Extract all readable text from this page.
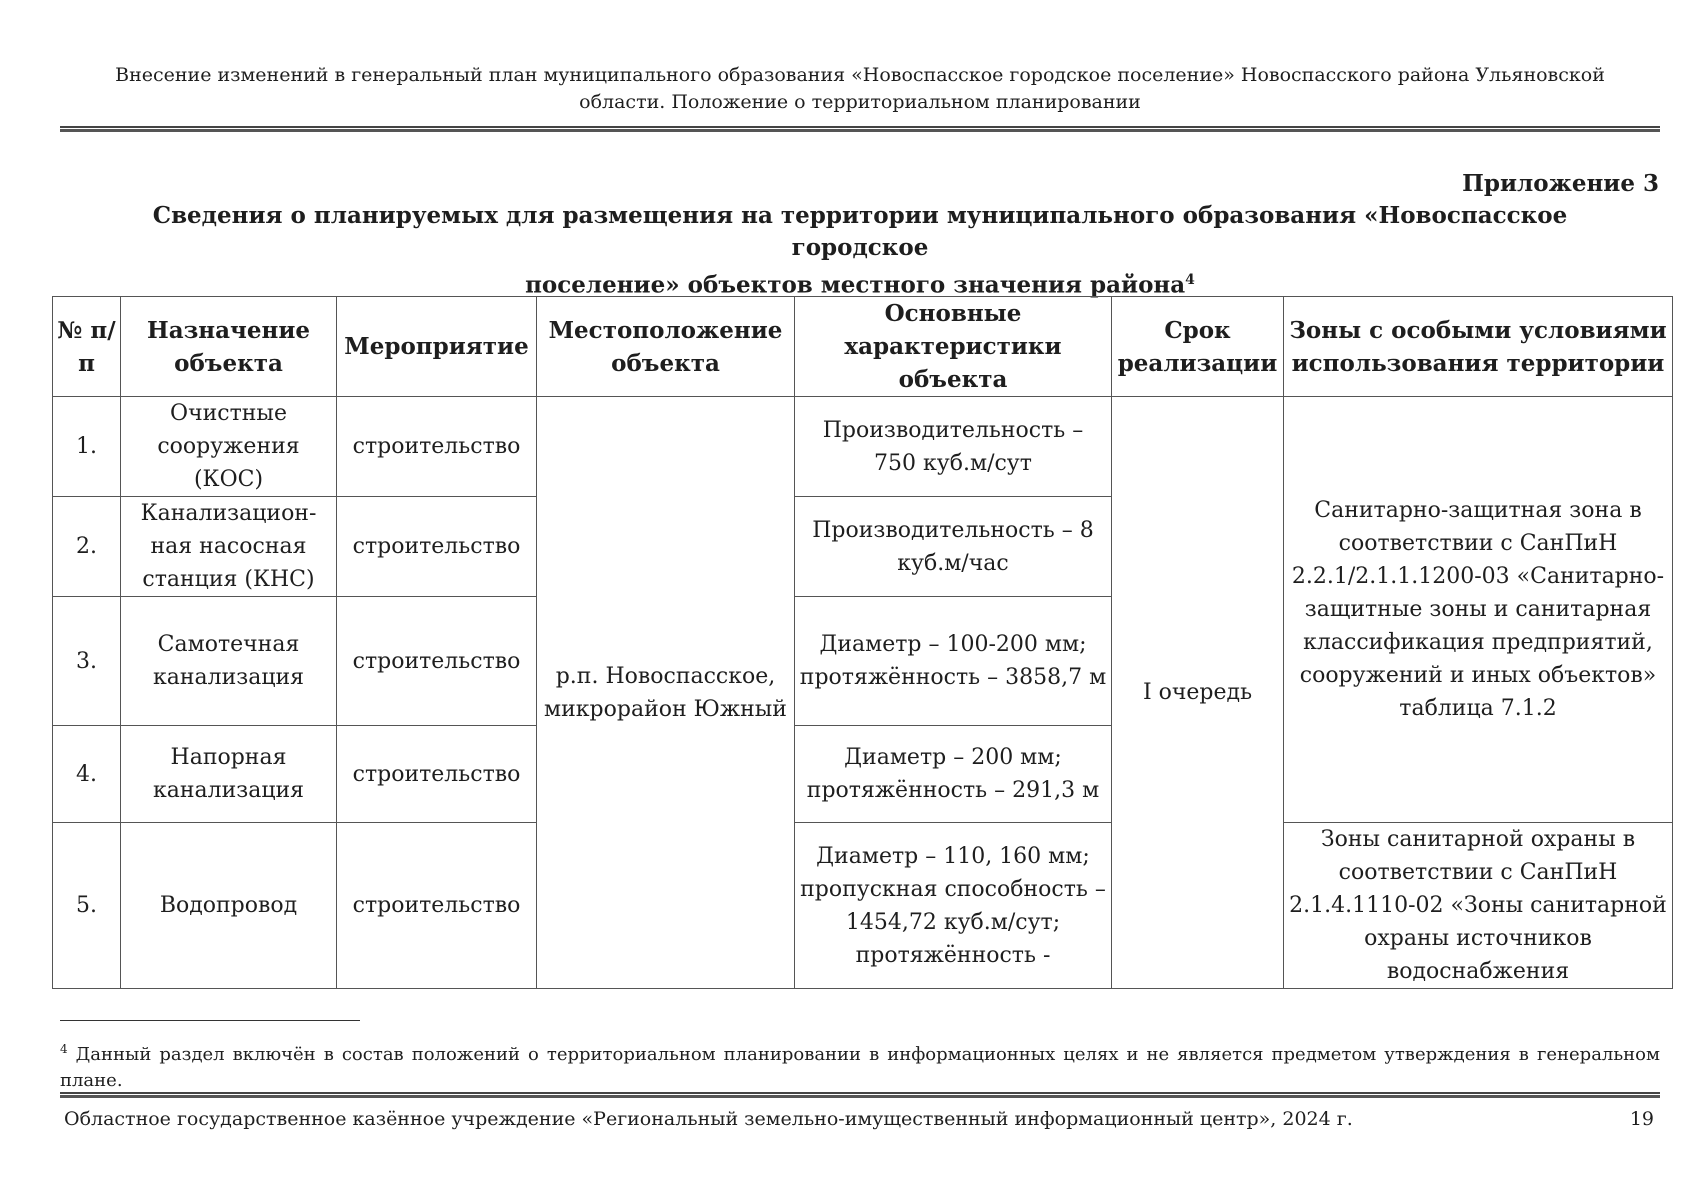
Внесение изменений в генеральный план муниципального образования «Новоспасское городское поселение» Новоспасского района Ульяновской
области. Положение о территориальном планировании
Приложение 3
Сведения о планируемых для размещения на территории муниципального образования «Новоспасское городское
поселение» объектов местного значения района$^4$
№ п/п	Назначение объекта	Мероприятие	Местоположение объекта	Основные характеристики объекта	Срок реализации	Зоны с особыми условиями использования территории
1.	Очистные сооружения (КОС)	строительство	р.п. Новоспасское, микрорайон Южный	Производительность – 750 куб.м/сут	I очередь	Санитарно-защитная зона в соответствии с СанПиН 2.2.1/2.1.1.1200-03 «Санитарно-защитные зоны и санитарная классификация предприятий, сооружений и иных объектов» таблица 7.1.2
2.	Канализацион-ная насосная станция (КНС)	строительство		Производительность – 8 куб.м/час		
3.	Самотечная канализация	строительство		Диаметр – 100-200 мм; протяжённость – 3858,7 м		
4.	Напорная канализация	строительство		Диаметр – 200 мм; протяжённость – 291,3 м		
5.	Водопровод	строительство		Диаметр – 110, 160 мм; пропускная способность – 1454,72 куб.м/сут; протяжённость -		Зоны санитарной охраны в соответствии с СанПиН 2.1.4.1110-02 «Зоны санитарной охраны источников водоснабжения
$^4$ Данный раздел включён в состав положений о территориальном планировании в информационных целях и не является предметом утверждения в генеральном плане.
Областное государственное казённое учреждение «Региональный земельно-имущественный информационный центр», 2024 г.	19
